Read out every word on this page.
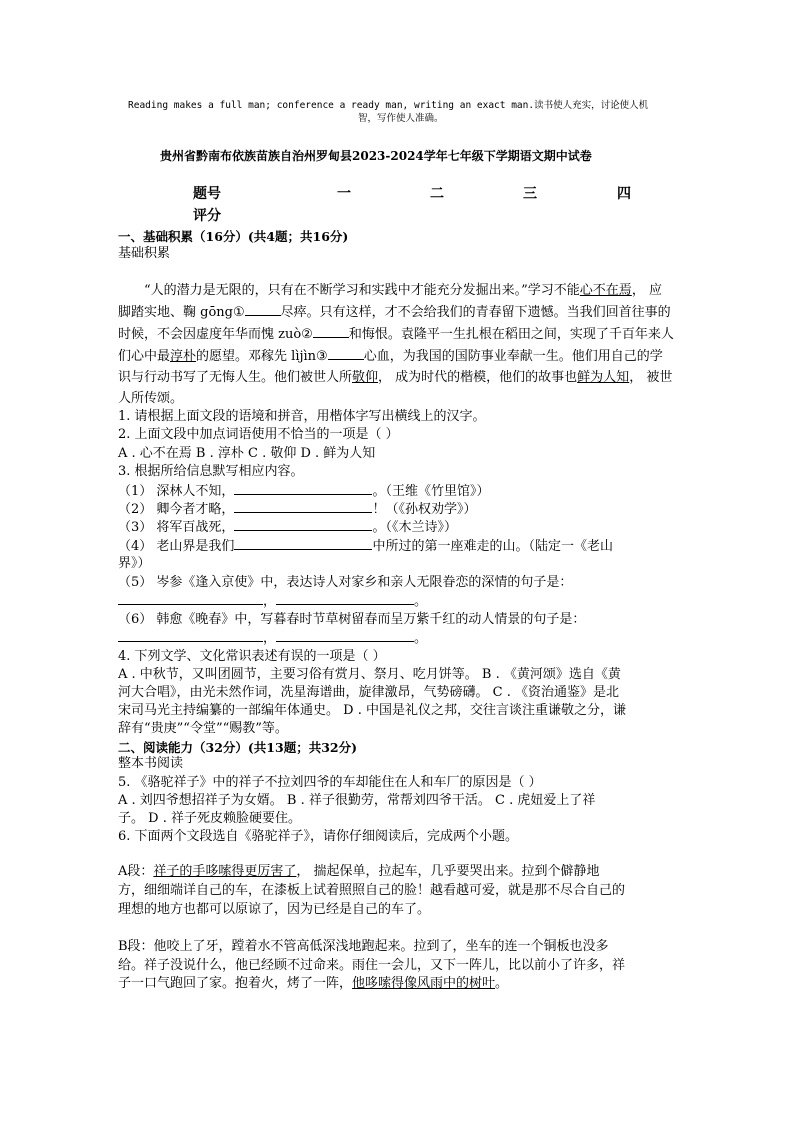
Reading makes a full man; conference a ready man, writing an exact man.读书使人充实，讨论使人机
智，写作使人准确。
贵州省黔南布依族苗族自治州罗甸县2023-2024学年七年级下学期语文期中试卷
题号	一	二	三	四
评分
一、基础积累（16分）(共4题；共16分)
基础积累
“人的潜力是无限的，只有在不断学习和实践中才能充分发掘出来。”学习不能心不在焉， 应脚踏实地、鞠 gōng①	尽瘁。只有这样，才不会给我们的青春留下遗憾。当我们回首往事的时候，不会因虚度年华而愧 zuò②	和悔恨。袁隆平一生扎根在稻田之间，实现了千百年来人们心中最淳朴的愿望。邓稼先 lìjìn③	心血，为我国的国防事业奉献一生。他们用自己的学识与行动书写了无悔人生。他们被世人所敬仰， 成为时代的楷模，他们的故事也鲜为人知， 被世人所传颂。
1. 请根据上面文段的语境和拼音，用楷体字写出横线上的汉字。
2. 上面文段中加点词语使用不恰当的一项是（ ）
A . 心不在焉 B . 淳朴 C . 敬仰 D . 鲜为人知
3. 根据所给信息默写相应内容。
（1） 深林人不知，	。（王维《竹里馆》）
（2） 卿今者才略，	！（《孙权劝学》）
（3） 将军百战死，	。（《木兰诗》）
（4） 老山界是我们	中所过的第一座难走的山。（陆定一《老山
界》）
（5） 岑参《逢入京使》中，表达诗人对家乡和亲人无限眷恋的深情的句子是：
，	。
（6） 韩愈《晚春》中，写暮春时节草树留春而呈万紫千红的动人情景的句子是：
，	。
4. 下列文学、文化常识表述有误的一项是（ ）
A . 中秋节，又叫团圆节，主要习俗有赏月、祭月、吃月饼等。 B . 《黄河颂》选自《黄
河大合唱》，由光未然作词，冼星海谱曲，旋律激昂，气势磅礴。 C . 《资治通鉴》是北
宋司马光主持编纂的一部编年体通史。 D . 中国是礼仪之邦，交往言谈注重谦敬之分，谦
辞有“贵庚”“令堂”“赐教”等。
二、阅读能力（32分）(共13题；共32分)
整本书阅读
5. 《骆驼祥子》中的祥子不拉刘四爷的车却能住在人和车厂的原因是（ ）
A . 刘四爷想招祥子为女婿。 B . 祥子很勤劳，常帮刘四爷干活。 C . 虎妞爱上了祥
子。 D . 祥子死皮赖脸硬要住。
6. 下面两个文段选自《骆驼祥子》，请你仔细阅读后，完成两个小题。
A段：祥子的手哆嗦得更厉害了， 揣起保单，拉起车，几乎要哭出来。拉到个僻静地
方，细细端详自己的车，在漆板上试着照照自己的脸！越看越可爱，就是那不尽合自己的
理想的地方也都可以原谅了，因为已经是自己的车了。
B段：他咬上了牙，蹚着水不管高低深浅地跑起来。拉到了，坐车的连一个铜板也没多
给。祥子没说什么，他已经顾不过命来。雨住一会儿，又下一阵儿，比以前小了许多，祥
子一口气跑回了家。抱着火，烤了一阵，他哆嗦得像风雨中的树叶。
